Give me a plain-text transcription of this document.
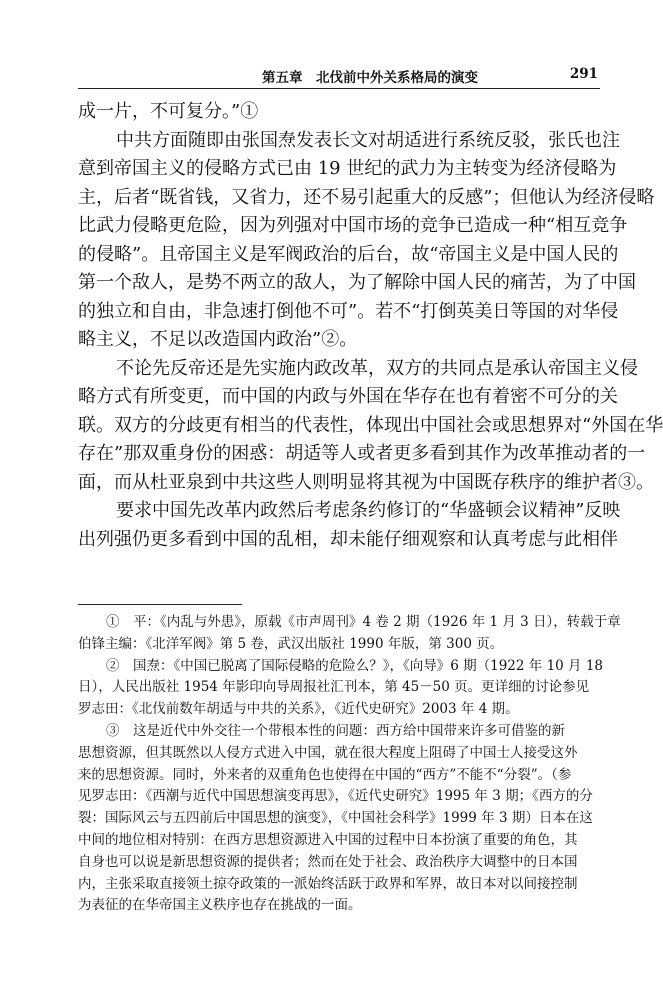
第五章　北伐前中外关系格局的演变	291
成一片，不可复分。”①
中共方面随即由张国焘发表长文对胡适进行系统反驳，张氏也注
意到帝国主义的侵略方式已由 19 世纪的武力为主转变为经济侵略为
主，后者“既省钱，又省力，还不易引起重大的反感”；但他认为经济侵略
比武力侵略更危险，因为列强对中国市场的竞争已造成一种“相互竞争
的侵略”。且帝国主义是军阀政治的后台，故“帝国主义是中国人民的
第一个敌人，是势不两立的敌人，为了解除中国人民的痛苦，为了中国
的独立和自由，非急速打倒他不可”。若不“打倒英美日等国的对华侵
略主义，不足以改造国内政治”②。
不论先反帝还是先实施内政改革，双方的共同点是承认帝国主义侵
略方式有所变更，而中国的内政与外国在华存在也有着密不可分的关
联。双方的分歧更有相当的代表性，体现出中国社会或思想界对“外国在华
存在”那双重身份的困惑：胡适等人或者更多看到其作为改革推动者的一
面，而从杜亚泉到中共这些人则明显将其视为中国既存秩序的维护者③。
要求中国先改革内政然后考虑条约修订的“华盛顿会议精神”反映
出列强仍更多看到中国的乱相，却未能仔细观察和认真考虑与此相伴
①　平：《内乱与外患》，原载《市声周刊》4 卷 2 期（1926 年 1 月 3 日），转载于章
伯锋主编：《北洋军阀》第 5 卷，武汉出版社 1990 年版，第 300 页。
②　国焘：《中国已脱离了国际侵略的危险么？》，《向导》6 期（1922 年 10 月 18
日），人民出版社 1954 年影印向导周报社汇刊本，第 45－50 页。更详细的讨论参见
罗志田：《北伐前数年胡适与中共的关系》，《近代史研究》2003 年 4 期。
③　这是近代中外交往一个带根本性的问题：西方给中国带来许多可借鉴的新
思想资源，但其既然以人侵方式进入中国，就在很大程度上阻碍了中国士人接受这外
来的思想资源。同时，外来者的双重角色也使得在中国的“西方”不能不“分裂”。（参
见罗志田：《西潮与近代中国思想演变再思》，《近代史研究》1995 年 3 期；《西方的分
裂：国际风云与五四前后中国思想的演变》，《中国社会科学》1999 年 3 期）日本在这
中间的地位相对特别：在西方思想资源进入中国的过程中日本扮演了重要的角色，其
自身也可以说是新思想资源的提供者；然而在处于社会、政治秩序大调整中的日本国
内，主张采取直接领土掠夺政策的一派始终活跃于政界和军界，故日本对以间接控制
为表征的在华帝国主义秩序也存在挑战的一面。
